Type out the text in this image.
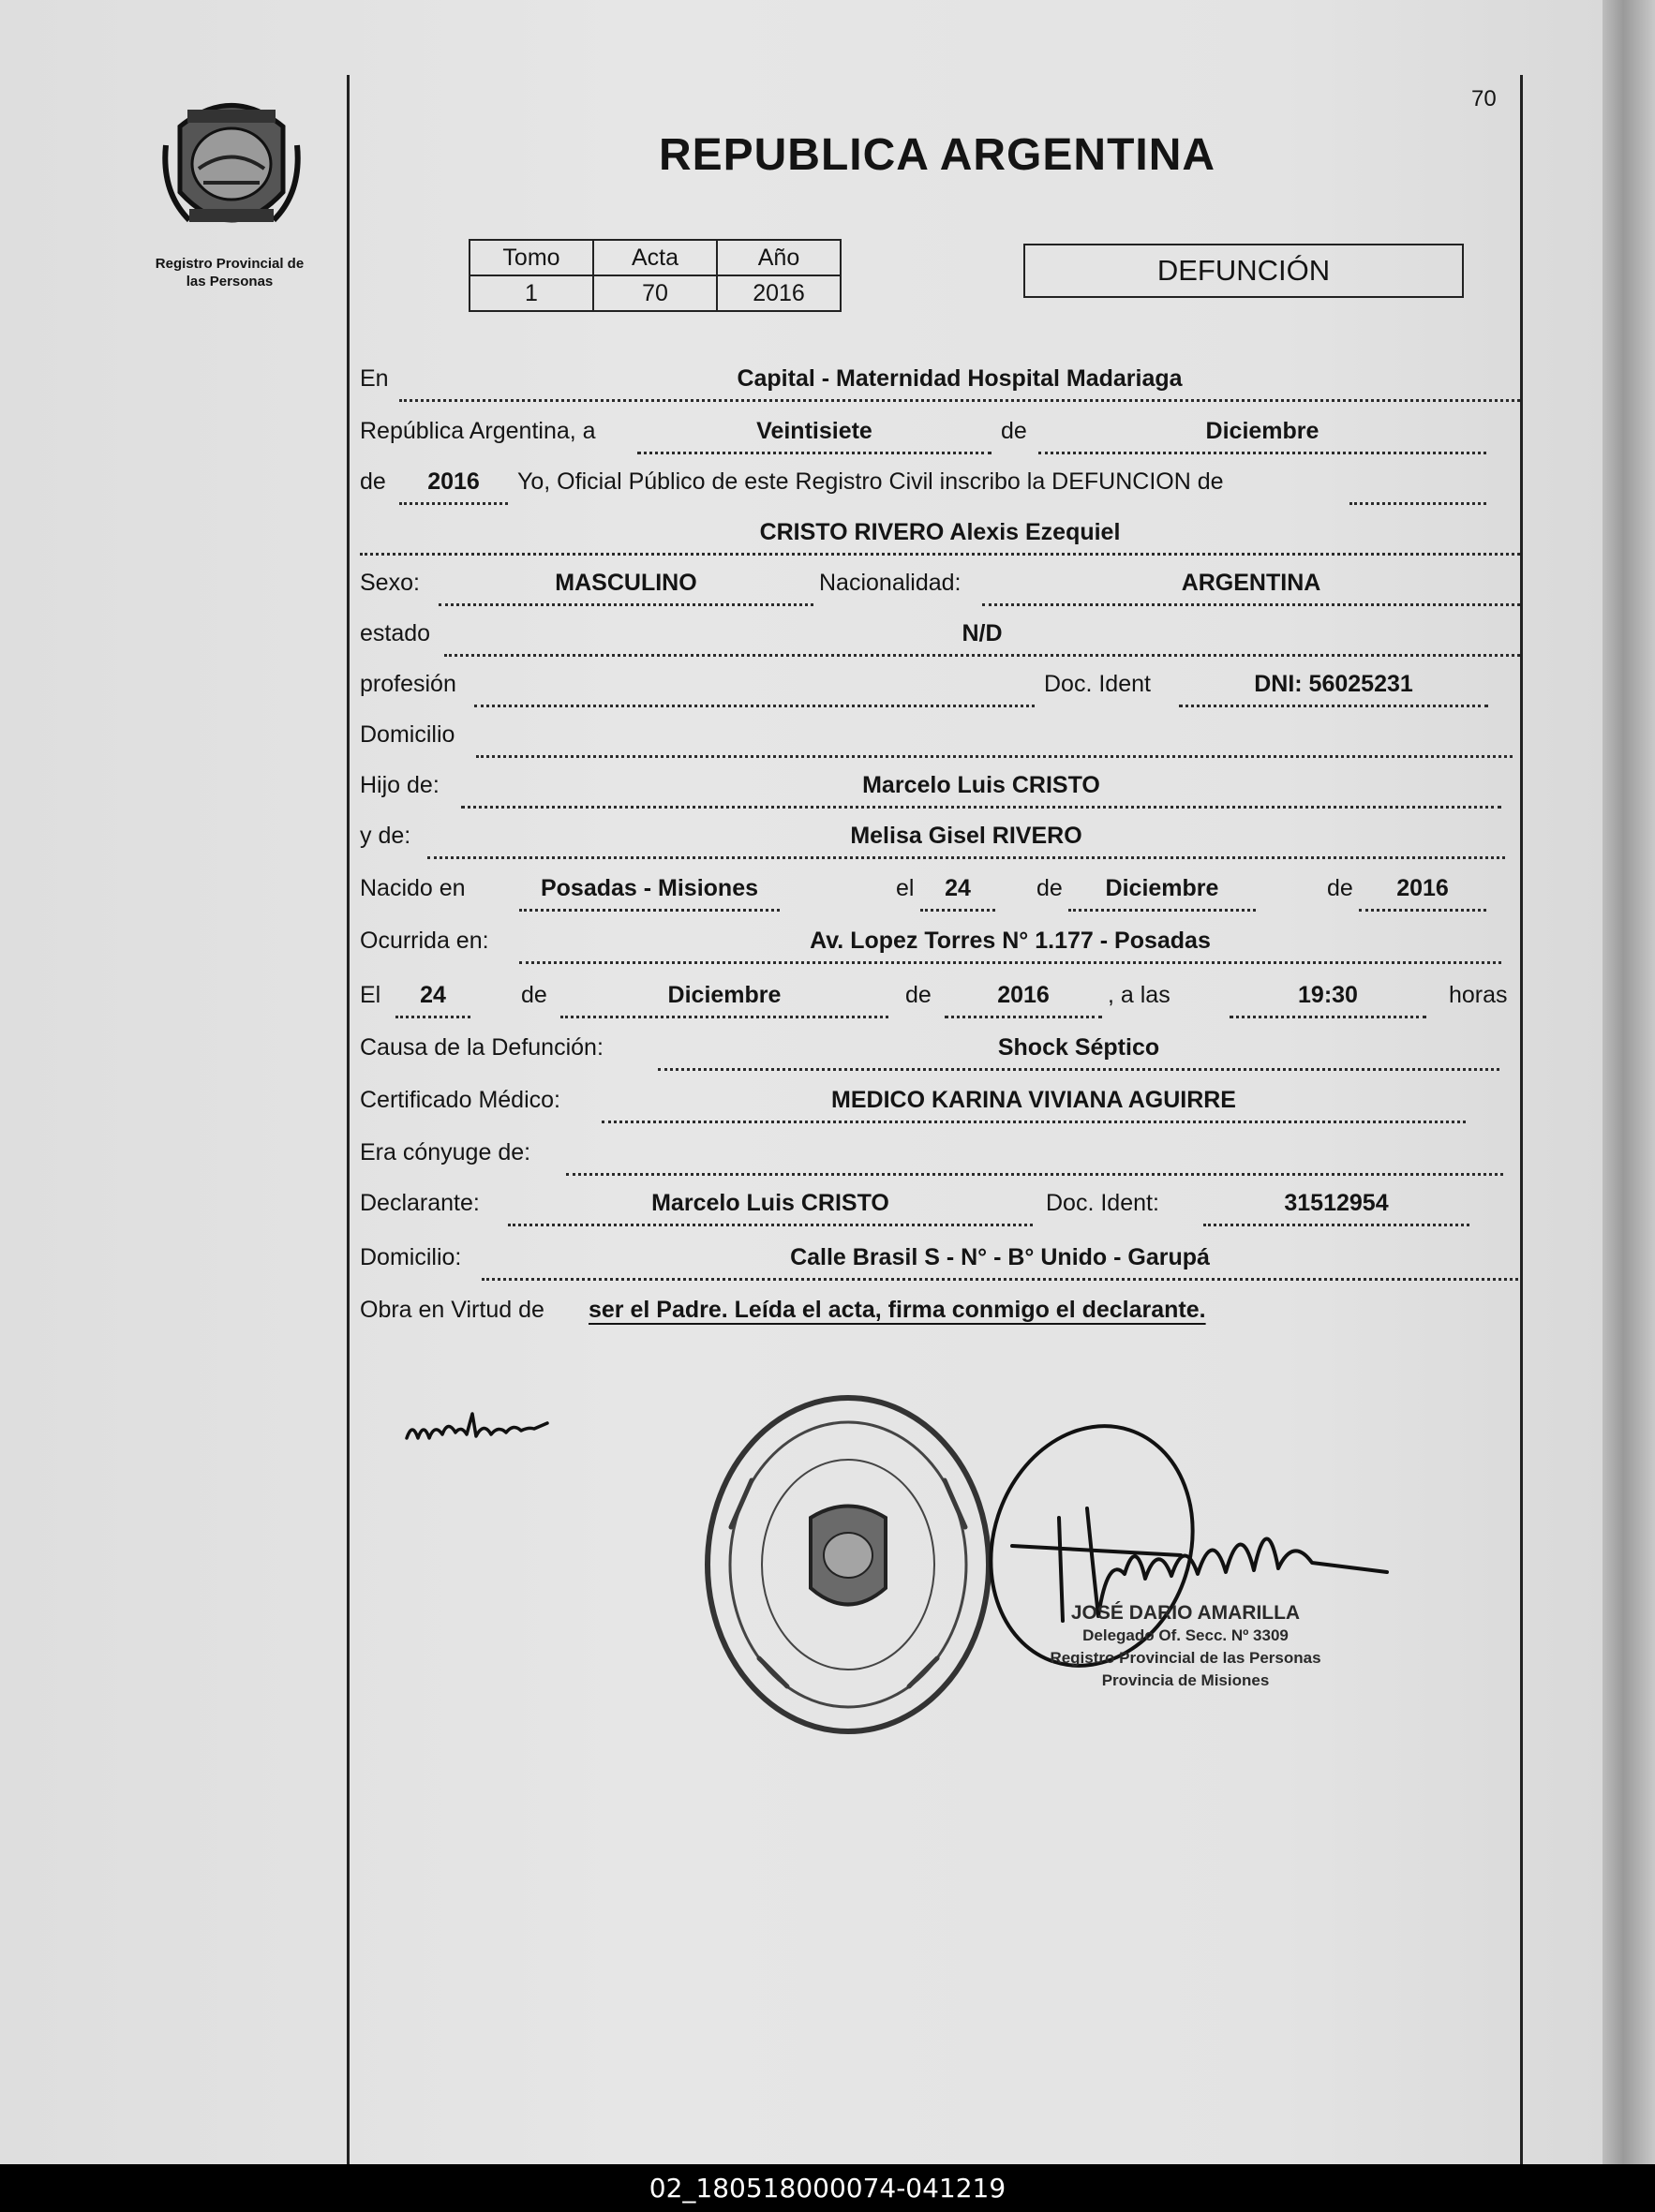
70
Registro Provincial de
las Personas
REPUBLICA ARGENTINA
Tomo	Acta	Año
1	70	2016
DEFUNCIÓN
En	Capital - Maternidad Hospital Madariaga
República Argentina, a	Veintisiete	de	Diciembre
de	2016	Yo, Oficial Público de este Registro Civil inscribo la DEFUNCION de
CRISTO RIVERO Alexis Ezequiel
Sexo:	MASCULINO	Nacionalidad:	ARGENTINA
estado	N/D
profesión	Doc. Ident	DNI: 56025231
Domicilio
Hijo de:	Marcelo Luis CRISTO
y de:	Melisa Gisel RIVERO
Nacido en	Posadas - Misiones	el	24	de	Diciembre	de	2016
Ocurrida en:	Av. Lopez Torres N° 1.177 - Posadas
El	24	de	Diciembre	de	2016	, a las	19:30	horas
Causa de la Defunción:	Shock Séptico
Certificado Médico:	MEDICO KARINA VIVIANA AGUIRRE
Era cónyuge de:
Declarante:	Marcelo Luis CRISTO	Doc. Ident:	31512954
Domicilio:	Calle Brasil S - N° - B° Unido - Garupá
Obra en Virtud de ser el Padre. Leída el acta, firma conmigo el declarante.
JOSÉ DARIO AMARILLA
Delegado Of. Secc. Nº 3309
Registro Provincial de las Personas
Provincia de Misiones
02_180518000074-041219
